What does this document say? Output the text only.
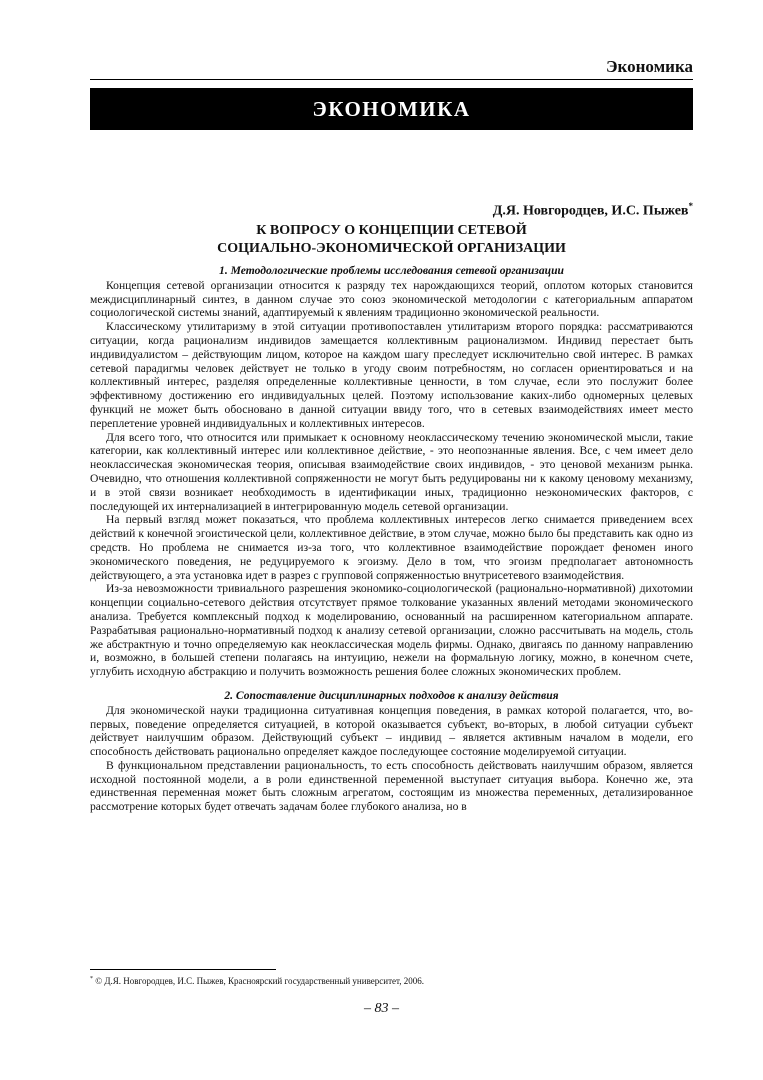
Экономика
ЭКОНОМИКА
Д.Я. Новгородцев, И.С. Пыжев*
К ВОПРОСУ О КОНЦЕПЦИИ СЕТЕВОЙ
СОЦИАЛЬНО-ЭКОНОМИЧЕСКОЙ ОРГАНИЗАЦИИ
1. Методологические проблемы исследования сетевой организации

Концепция сетевой организации относится к разряду тех нарождающихся теорий, оплотом которых становится междисциплинарный синтез, в данном случае это союз экономической методологии с категориальным аппаратом социологической системы знаний, адаптируемый к явлениям традиционно экономической реальности.

Классическому утилитаризму в этой ситуации противопоставлен утилитаризм второго порядка: рассматриваются ситуации, когда рационализм индивидов замещается коллективным рационализмом. Индивид перестает быть индивидуалистом – действующим лицом, которое на каждом шагу преследует исключительно свой интерес. В рамках сетевой парадигмы человек действует не только в угоду своим потребностям, но согласен ориентироваться и на коллективный интерес, разделяя определенные коллективные ценности, в том случае, если это послужит более эффективному достижению его индивидуальных целей. Поэтому использование каких-либо одномерных целевых функций не может быть обосновано в данной ситуации ввиду того, что в сетевых взаимодействиях имеет место переплетение уровней индивидуальных и коллективных интересов.

Для всего того, что относится или примыкает к основному неоклассическому течению экономической мысли, такие категории, как коллективный интерес или коллективное действие, - это неопознанные явления. Все, с чем имеет дело неоклассическая экономическая теория, описывая взаимодействие своих индивидов, - это ценовой механизм рынка. Очевидно, что отношения коллективной сопряженности не могут быть редуцированы ни к какому ценовому механизму, и в этой связи возникает необходимость в идентификации иных, традиционно неэкономических факторов, с последующей их интернализацией в интегрированную модель сетевой организации.

На первый взгляд может показаться, что проблема коллективных интересов легко снимается приведением всех действий к конечной эгоистической цели, коллективное действие, в этом случае, можно было бы представить как одно из средств. Но проблема не снимается из-за того, что коллективное взаимодействие порождает феномен иного экономического поведения, не редуцируемого к эгоизму. Дело в том, что эгоизм предполагает автономность действующего, а эта установка идет в разрез с групповой сопряженностью внутрисетевого взаимодействия.

Из-за невозможности тривиального разрешения экономико-социологической (рационально-нормативной) дихотомии концепции социально-сетевого действия отсутствует прямое толкование указанных явлений методами экономического анализа. Требуется комплексный подход к моделированию, основанный на расширенном категориальном аппарате. Разрабатывая рационально-нормативный подход к анализу сетевой организации, сложно рассчитывать на модель, столь же абстрактную и точно определяемую как неоклассическая модель фирмы. Однако, двигаясь по данному направлению и, возможно, в большей степени полагаясь на интуицию, нежели на формальную логику, можно, в конечном счете, углубить исходную абстракцию и получить возможность решения более сложных экономических проблем.

2. Сопоставление дисциплинарных подходов к анализу действия

Для экономической науки традиционна ситуативная концепция поведения, в рамках которой полагается, что, во-первых, поведение определяется ситуацией, в которой оказывается субъект, во-вторых, в любой ситуации субъект действует наилучшим образом. Действующий субъект – индивид – является активным началом в модели, его способность действовать рационально определяет каждое последующее состояние моделируемой ситуации.

В функциональном представлении рациональность, то есть способность действовать наилучшим образом, является исходной постоянной модели, а в роли единственной переменной выступает ситуация выбора. Конечно же, эта единственная переменная может быть сложным агрегатом, состоящим из множества переменных, детализированное рассмотрение которых будет отвечать задачам более глубокого анализа, но в

* © Д.Я. Новгородцев, И.С. Пыжев, Красноярский государственный университет, 2006.
– 83 –
